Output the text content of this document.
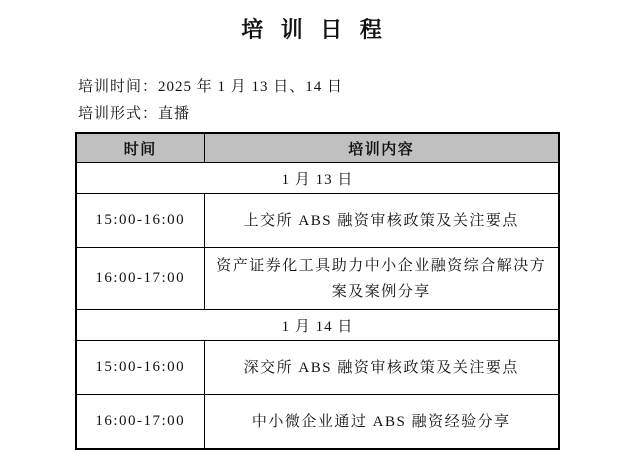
培 训 日 程

培训时间：2025 年 1 月 13 日、14 日

培训形式：直播

时间	培训内容
1 月 13 日	
15:00-16:00	上交所 ABS 融资审核政策及关注要点
16:00-17:00	资产证券化工具助力中小企业融资综合解决方案及案例分享
1 月 14 日	
15:00-16:00	深交所 ABS 融资审核政策及关注要点
16:00-17:00	中小微企业通过 ABS 融资经验分享
